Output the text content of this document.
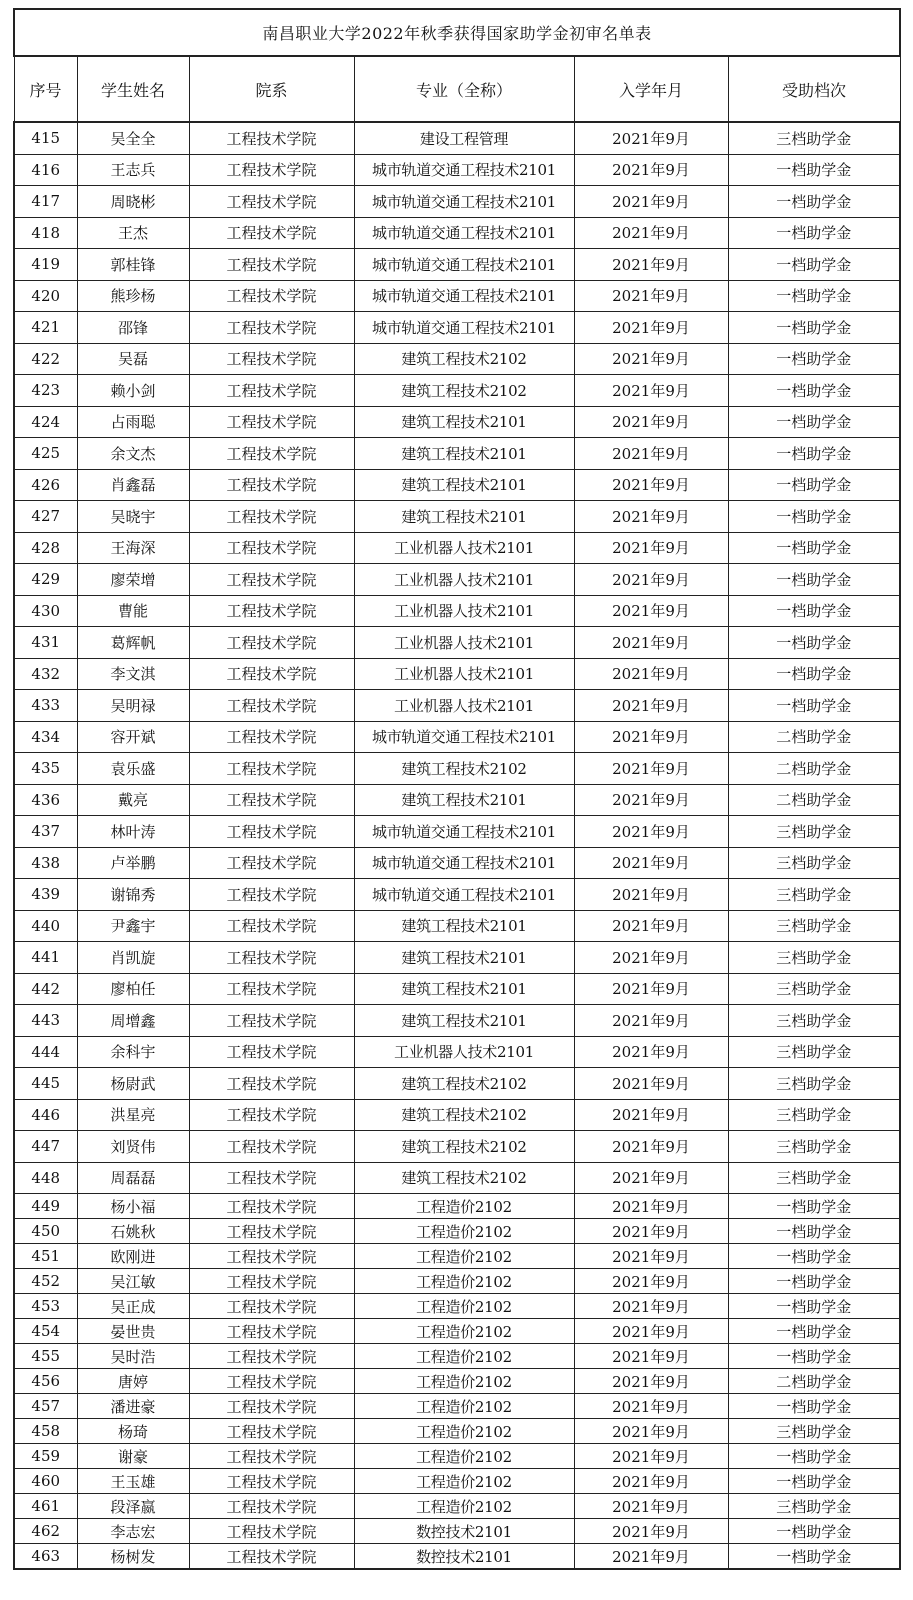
南昌职业大学2022年秋季获得国家助学金初审名单表					
序号	学生姓名	院系	专业（全称）	入学年月	受助档次
415	吴全全	工程技术学院	建设工程管理	2021年9月	三档助学金
416	王志兵	工程技术学院	城市轨道交通工程技术2101	2021年9月	一档助学金
417	周晓彬	工程技术学院	城市轨道交通工程技术2101	2021年9月	一档助学金
418	王杰	工程技术学院	城市轨道交通工程技术2101	2021年9月	一档助学金
419	郭桂锋	工程技术学院	城市轨道交通工程技术2101	2021年9月	一档助学金
420	熊珍杨	工程技术学院	城市轨道交通工程技术2101	2021年9月	一档助学金
421	邵锋	工程技术学院	城市轨道交通工程技术2101	2021年9月	一档助学金
422	吴磊	工程技术学院	建筑工程技术2102	2021年9月	一档助学金
423	赖小剑	工程技术学院	建筑工程技术2102	2021年9月	一档助学金
424	占雨聪	工程技术学院	建筑工程技术2101	2021年9月	一档助学金
425	余文杰	工程技术学院	建筑工程技术2101	2021年9月	一档助学金
426	肖鑫磊	工程技术学院	建筑工程技术2101	2021年9月	一档助学金
427	吴晓宇	工程技术学院	建筑工程技术2101	2021年9月	一档助学金
428	王海深	工程技术学院	工业机器人技术2101	2021年9月	一档助学金
429	廖荣增	工程技术学院	工业机器人技术2101	2021年9月	一档助学金
430	曹能	工程技术学院	工业机器人技术2101	2021年9月	一档助学金
431	葛辉帆	工程技术学院	工业机器人技术2101	2021年9月	一档助学金
432	李文淇	工程技术学院	工业机器人技术2101	2021年9月	一档助学金
433	吴明禄	工程技术学院	工业机器人技术2101	2021年9月	一档助学金
434	容开斌	工程技术学院	城市轨道交通工程技术2101	2021年9月	二档助学金
435	袁乐盛	工程技术学院	建筑工程技术2102	2021年9月	二档助学金
436	戴亮	工程技术学院	建筑工程技术2101	2021年9月	二档助学金
437	林叶涛	工程技术学院	城市轨道交通工程技术2101	2021年9月	三档助学金
438	卢举鹏	工程技术学院	城市轨道交通工程技术2101	2021年9月	三档助学金
439	谢锦秀	工程技术学院	城市轨道交通工程技术2101	2021年9月	三档助学金
440	尹鑫宇	工程技术学院	建筑工程技术2101	2021年9月	三档助学金
441	肖凯旋	工程技术学院	建筑工程技术2101	2021年9月	三档助学金
442	廖柏任	工程技术学院	建筑工程技术2101	2021年9月	三档助学金
443	周增鑫	工程技术学院	建筑工程技术2101	2021年9月	三档助学金
444	余科宇	工程技术学院	工业机器人技术2101	2021年9月	三档助学金
445	杨尉武	工程技术学院	建筑工程技术2102	2021年9月	三档助学金
446	洪星亮	工程技术学院	建筑工程技术2102	2021年9月	三档助学金
447	刘贤伟	工程技术学院	建筑工程技术2102	2021年9月	三档助学金
448	周磊磊	工程技术学院	建筑工程技术2102	2021年9月	三档助学金
449	杨小福	工程技术学院	工程造价2102	2021年9月	一档助学金
450	石姚秋	工程技术学院	工程造价2102	2021年9月	一档助学金
451	欧刚进	工程技术学院	工程造价2102	2021年9月	一档助学金
452	吴江敏	工程技术学院	工程造价2102	2021年9月	一档助学金
453	吴正成	工程技术学院	工程造价2102	2021年9月	一档助学金
454	晏世贵	工程技术学院	工程造价2102	2021年9月	一档助学金
455	吴时浩	工程技术学院	工程造价2102	2021年9月	一档助学金
456	唐婷	工程技术学院	工程造价2102	2021年9月	二档助学金
457	潘进豪	工程技术学院	工程造价2102	2021年9月	一档助学金
458	杨琦	工程技术学院	工程造价2102	2021年9月	三档助学金
459	谢豪	工程技术学院	工程造价2102	2021年9月	一档助学金
460	王玉雄	工程技术学院	工程造价2102	2021年9月	一档助学金
461	段泽嬴	工程技术学院	工程造价2102	2021年9月	三档助学金
462	李志宏	工程技术学院	数控技术2101	2021年9月	一档助学金
463	杨树发	工程技术学院	数控技术2101	2021年9月	一档助学金
